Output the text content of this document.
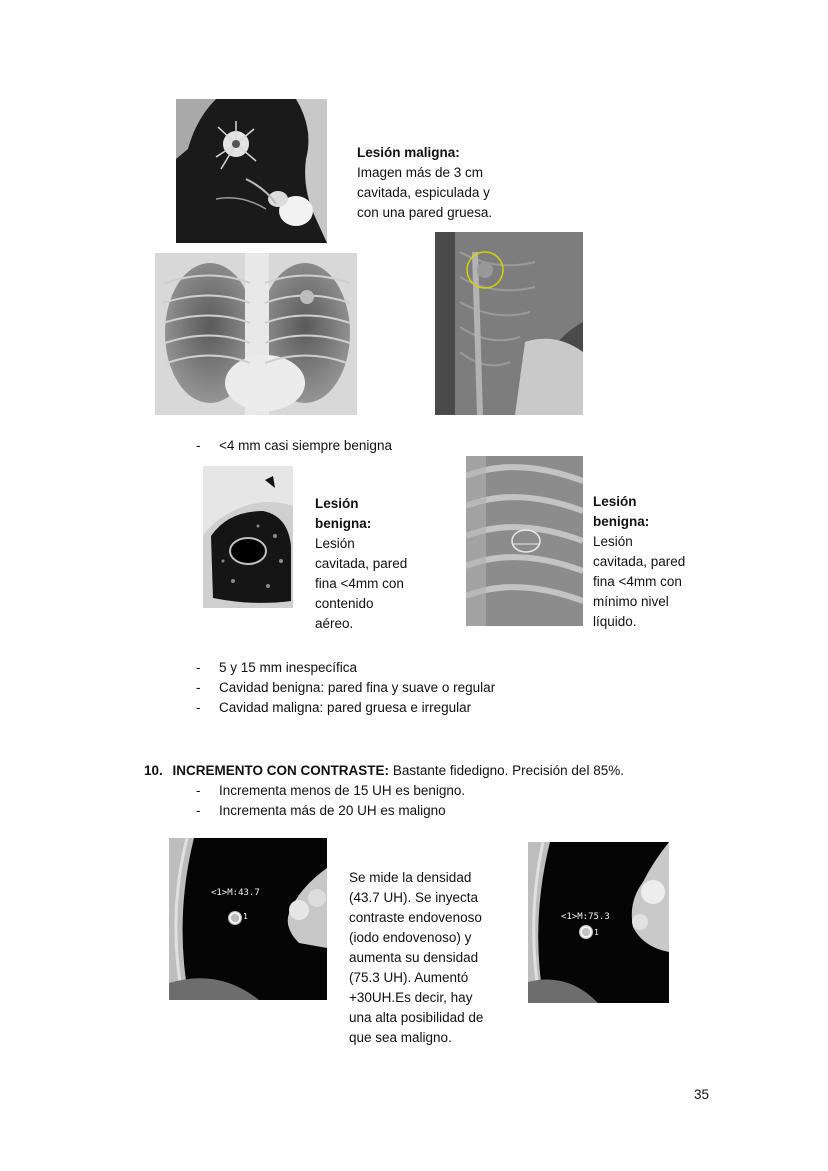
Lesión maligna:

Imagen más de 3 cm
cavitada, espiculada y
con una pared gruesa.

- <4 mm casi siempre benigna

Lesión
benigna:

Lesión
cavitada, pared
fina <4mm con
contenido
aéreo.

Lesión
benigna:

Lesión
cavitada, pared
fina <4mm con
mínimo nivel
líquido.

- 5 y 15 mm inespecífica
- Cavidad benigna: pared fina y suave o regular
- Cavidad maligna: pared gruesa e irregular
10. INCREMENTO CON CONTRASTE: Bastante fidedigno. Precisión del 85%.
- Incrementa menos de 15 UH es benigno.
- Incrementa más de 20 UH es maligno
<1>M:43.7
1

Se mide la densidad
(43.7 UH). Se inyecta
contraste endovenoso
(iodo endovenoso) y
aumenta su densidad
(75.3 UH). Aumentó
+30UH.Es decir, hay
una alta posibilidad de
que sea maligno.

<1>M:75.3
1
35
